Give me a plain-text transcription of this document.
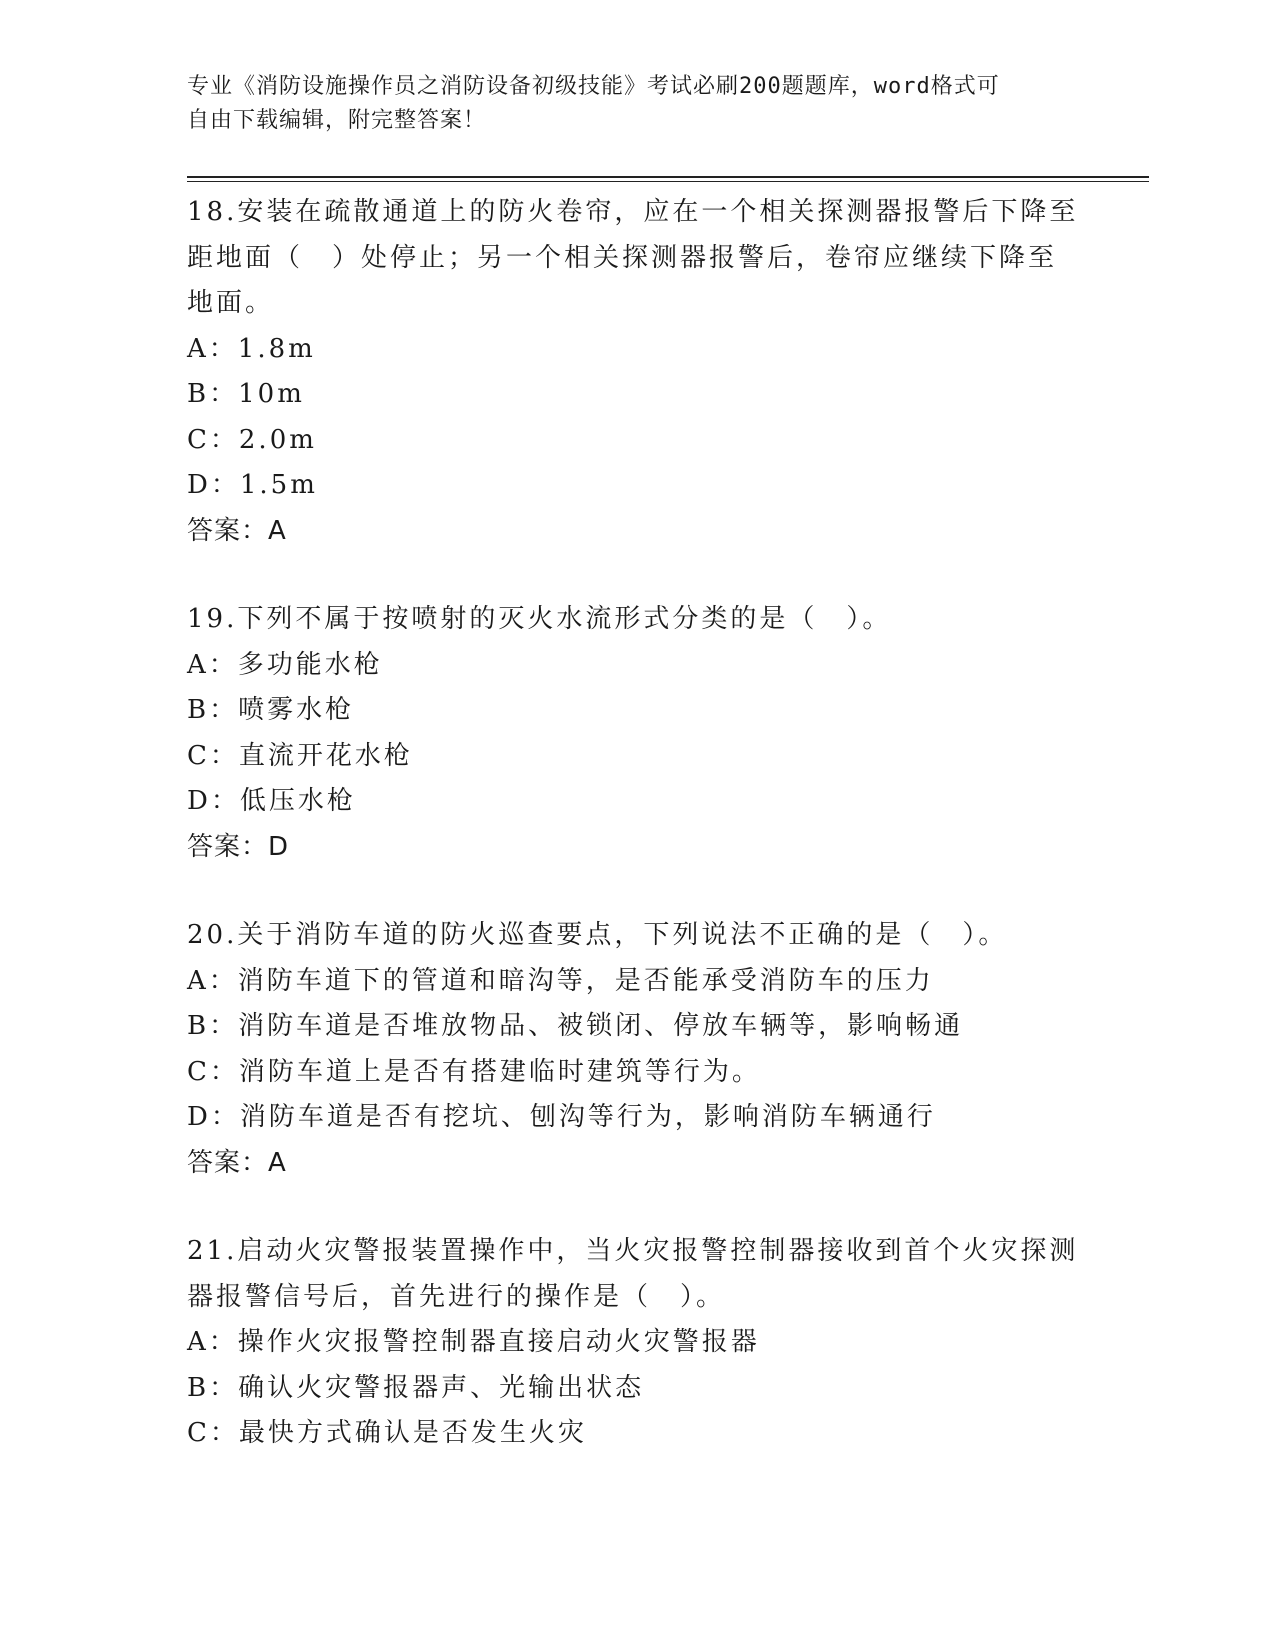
专业《消防设施操作员之消防设备初级技能》考试必刷200题题库，word格式可
自由下载编辑，附完整答案！
18.安装在疏散通道上的防火卷帘，应在一个相关探测器报警后下降至
距地面（　）处停止；另一个相关探测器报警后，卷帘应继续下降至
地面。
A：1.8m
B：10m
C：2.0m
D：1.5m
答案：A
19.下列不属于按喷射的灭火水流形式分类的是（　）。
A：多功能水枪
B：喷雾水枪
C：直流开花水枪
D：低压水枪
答案：D
20.关于消防车道的防火巡查要点，下列说法不正确的是（　）。
A：消防车道下的管道和暗沟等，是否能承受消防车的压力
B：消防车道是否堆放物品、被锁闭、停放车辆等，影响畅通
C：消防车道上是否有搭建临时建筑等行为。
D：消防车道是否有挖坑、刨沟等行为，影响消防车辆通行
答案：A
21.启动火灾警报装置操作中，当火灾报警控制器接收到首个火灾探测
器报警信号后，首先进行的操作是（　）。
A：操作火灾报警控制器直接启动火灾警报器
B：确认火灾警报器声、光输出状态
C：最快方式确认是否发生火灾
